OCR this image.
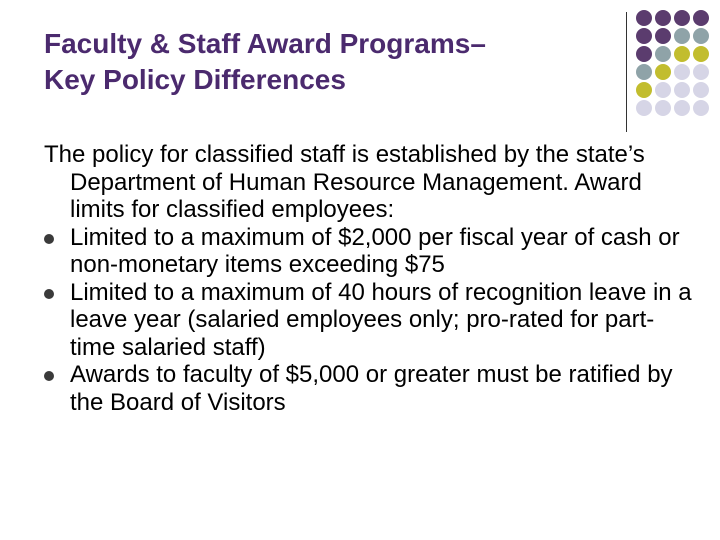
Faculty & Staff Award Programs–
Key Policy Differences
The policy for classified staff is established by the state’s Department of Human Resource Management. Award limits for classified employees:
Limited to a maximum of $2,000 per fiscal year of cash or non-monetary items exceeding $75
Limited to a maximum of 40 hours of recognition leave in a leave year (salaried employees only; pro-rated for part-time salaried staff)
Awards to faculty of $5,000 or greater must be ratified by the Board of Visitors
